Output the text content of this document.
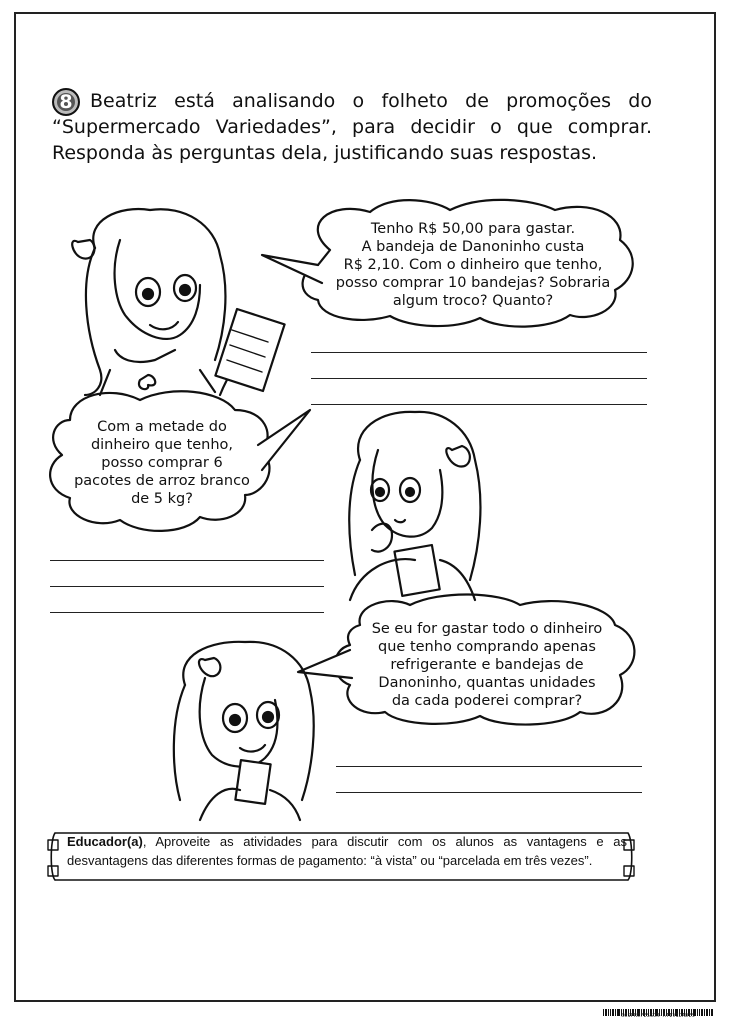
8 Beatriz está analisando o folheto de promoções do “Supermercado Variedades”, para decidir o que comprar. Responda às perguntas dela, justificando suas respostas.
Tenho R$ 50,00 para gastar.
A bandeja de Danoninho custa
R$ 2,10. Com o dinheiro que tenho,
posso comprar 10 bandejas? Sobraria
algum troco? Quanto?
Com a metade do
dinheiro que tenho,
posso comprar 6
pacotes de arroz branco
de 5 kg?
Se eu for gastar todo o dinheiro
que tenho comprando apenas
refrigerante e bandejas de
Danoninho, quantas unidades
da cada poderei comprar?
Educador(a), Aproveite as atividades para discutir com os alunos as vantagens e as desvantagens das diferentes formas de pagamento: “à vista” ou “parcelada em três vezes”.
SOSPROFESSOR-ATIVIDADES
